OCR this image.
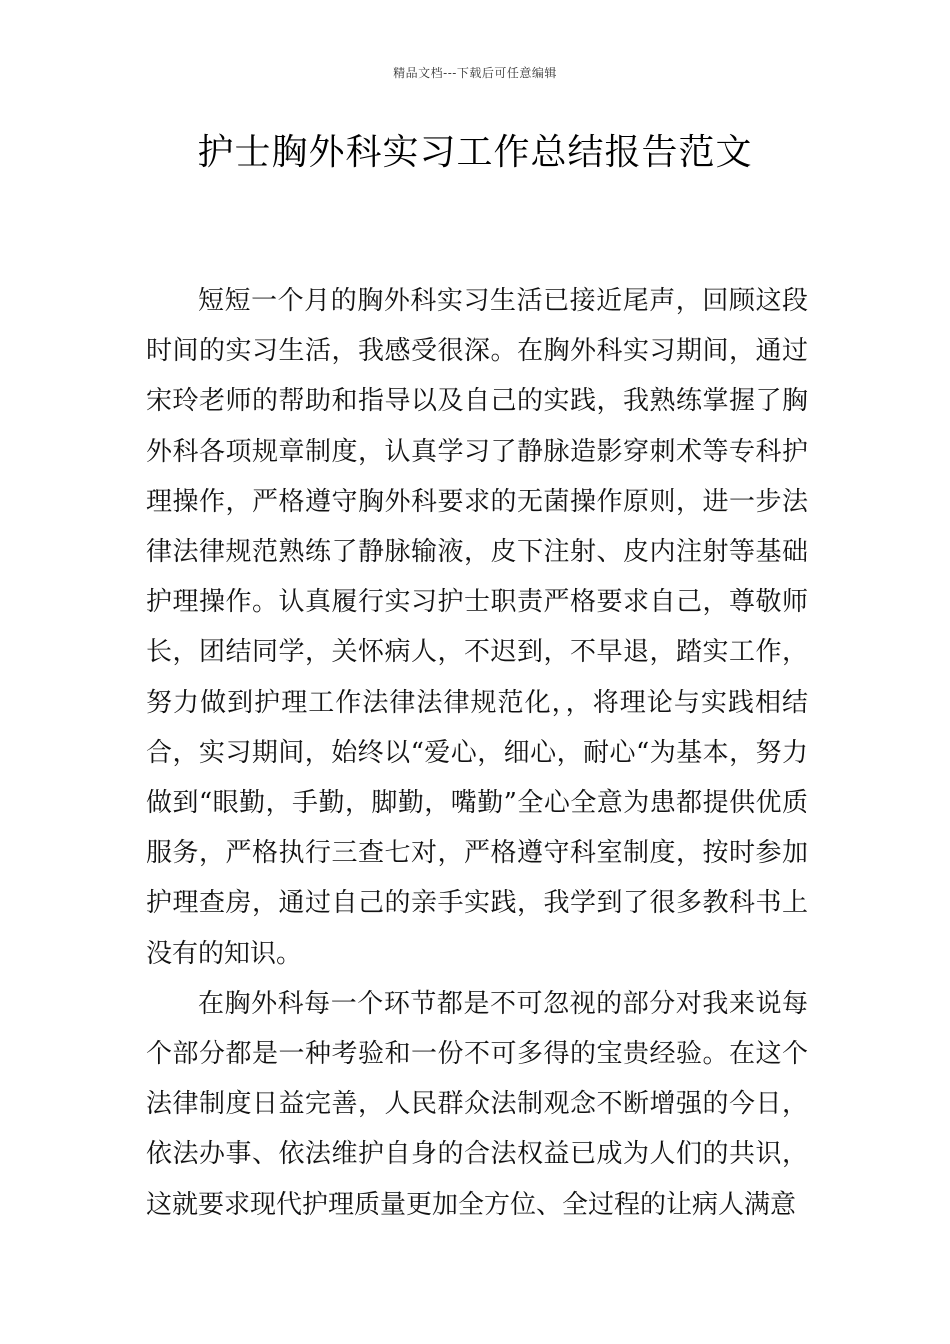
精品文档---下载后可任意编辑
护士胸外科实习工作总结报告范文

短短一个月的胸外科实习生活已接近尾声，回顾这段时间的实习生活，我感受很深。在胸外科实习期间，通过宋玲老师的帮助和指导以及自己的实践，我熟练掌握了胸外科各项规章制度，认真学习了静脉造影穿刺术等专科护理操作，严格遵守胸外科要求的无菌操作原则，进一步法律法律规范熟练了静脉输液，皮下注射、皮内注射等基础护理操作。认真履行实习护士职责严格要求自己，尊敬师长，团结同学，关怀病人，不迟到，不早退，踏实工作，努力做到护理工作法律法律规范化，，将理论与实践相结合，实习期间，始终以“爱心，细心，耐心“为基本，努力做到“眼勤，手勤，脚勤，嘴勤”全心全意为患都提供优质服务，严格执行三查七对，严格遵守科室制度，按时参加护理查房，通过自己的亲手实践，我学到了很多教科书上没有的知识。

在胸外科每一个环节都是不可忽视的部分对我来说每个部分都是一种考验和一份不可多得的宝贵经验。在这个法律制度日益完善，人民群众法制观念不断增强的今日，依法办事、依法维护自身的合法权益已成为人们的共识，这就要求现代护理质量更加全方位、全过程的让病人满意
